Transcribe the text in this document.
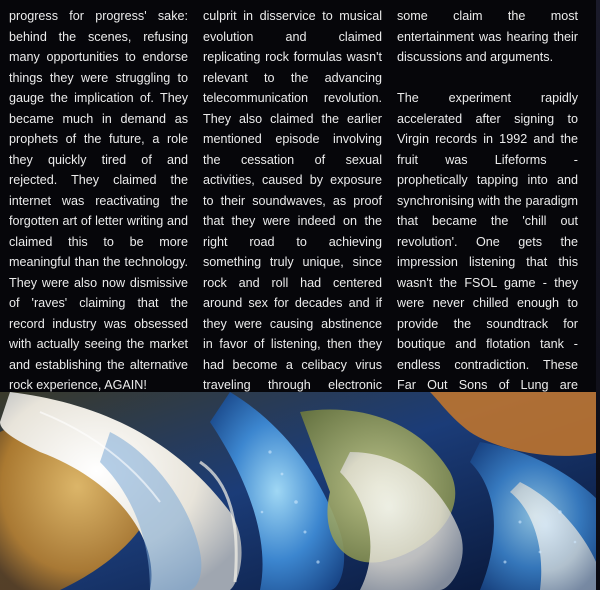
progress for progress' sake: behind the scenes, refusing many opportunities to endorse things they were struggling to gauge the implication of. They became much in demand as prophets of the future, a role they quickly tired of and rejected. They claimed the internet was reactivating the forgotten art of letter writing and claimed this to be more meaningful than the technology. They were also now dismissive of 'raves' claiming that the record industry was obsessed with actually seeing the market and establishing the alternative rock experience, AGAIN!

culprit in disservice to musical evolution and claimed replicating rock formulas wasn't relevant to the advancing telecommunication revolution. They also claimed the earlier mentioned episode involving the cessation of sexual activities, caused by exposure to their soundwaves, as proof that they were indeed on the right road to achieving something truly unique, since rock and roll had centered around sex for decades and if they were causing abstinence in favor of listening, then they had become a celibacy virus traveling through electronic

some claim the most entertainment was hearing their discussions and arguments.

The experiment rapidly accelerated after signing to Virgin records in 1992 and the fruit was Lifeforms - prophetically tapping into and synchronising with the paradigm that became the 'chill out revolution'. One gets the impression listening that this wasn't the FSOL game - they were never chilled enough to provide the soundtrack for boutique and flotation tank - endless contradiction. These Far Out Sons of Lung are
